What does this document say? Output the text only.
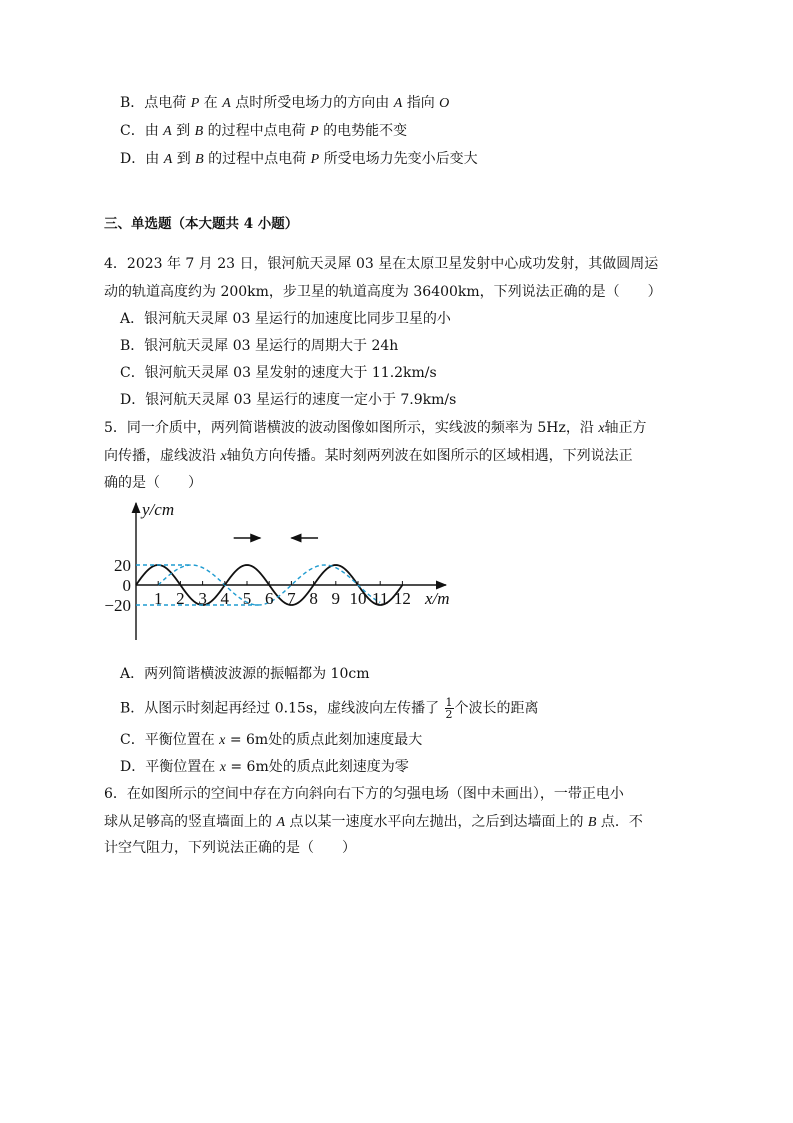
B．点电荷 P 在 A 点时所受电场力的方向由 A 指向 O
C．由 A 到 B 的过程中点电荷 P 的电势能不变
D．由 A 到 B 的过程中点电荷 P 所受电场力先变小后变大
三、单选题（本大题共 4 小题）
4．2023 年 7 月 23 日，银河航天灵犀 03 星在太原卫星发射中心成功发射，其做圆周运
动的轨道高度约为 200km，步卫星的轨道高度为 36400km，下列说法正确的是（　　）
A．银河航天灵犀 03 星运行的加速度比同步卫星的小
B．银河航天灵犀 03 星运行的周期大于 24h
C．银河航天灵犀 03 星发射的速度大于 11.2km/s
D．银河航天灵犀 03 星运行的速度一定小于 7.9km/s
5．同一介质中，两列简谐横波的波动图像如图所示，实线波的频率为 5Hz，沿 x轴正方
向传播，虚线波沿 x轴负方向传播。某时刻两列波在如图所示的区域相遇，下列说法正
确的是（　　）
1 2 3 4 5 6 7 8 9 10 11 12
20
0
−20	x/m
y/cm
A．两列简谐横波波源的振幅都为 10cm
B．从图示时刻起再经过 0.15s，虚线波向左传播了 $\frac{1}{2}$ 个波长的距离
C．平衡位置在 x = 6m处的质点此刻加速度最大
D．平衡位置在 x = 6m处的质点此刻速度为零
6．在如图所示的空间中存在方向斜向右下方的匀强电场（图中未画出），一带正电小
球从足够高的竖直墙面上的 A 点以某一速度水平向左抛出，之后到达墙面上的 B 点．不
计空气阻力，下列说法正确的是（　　）
